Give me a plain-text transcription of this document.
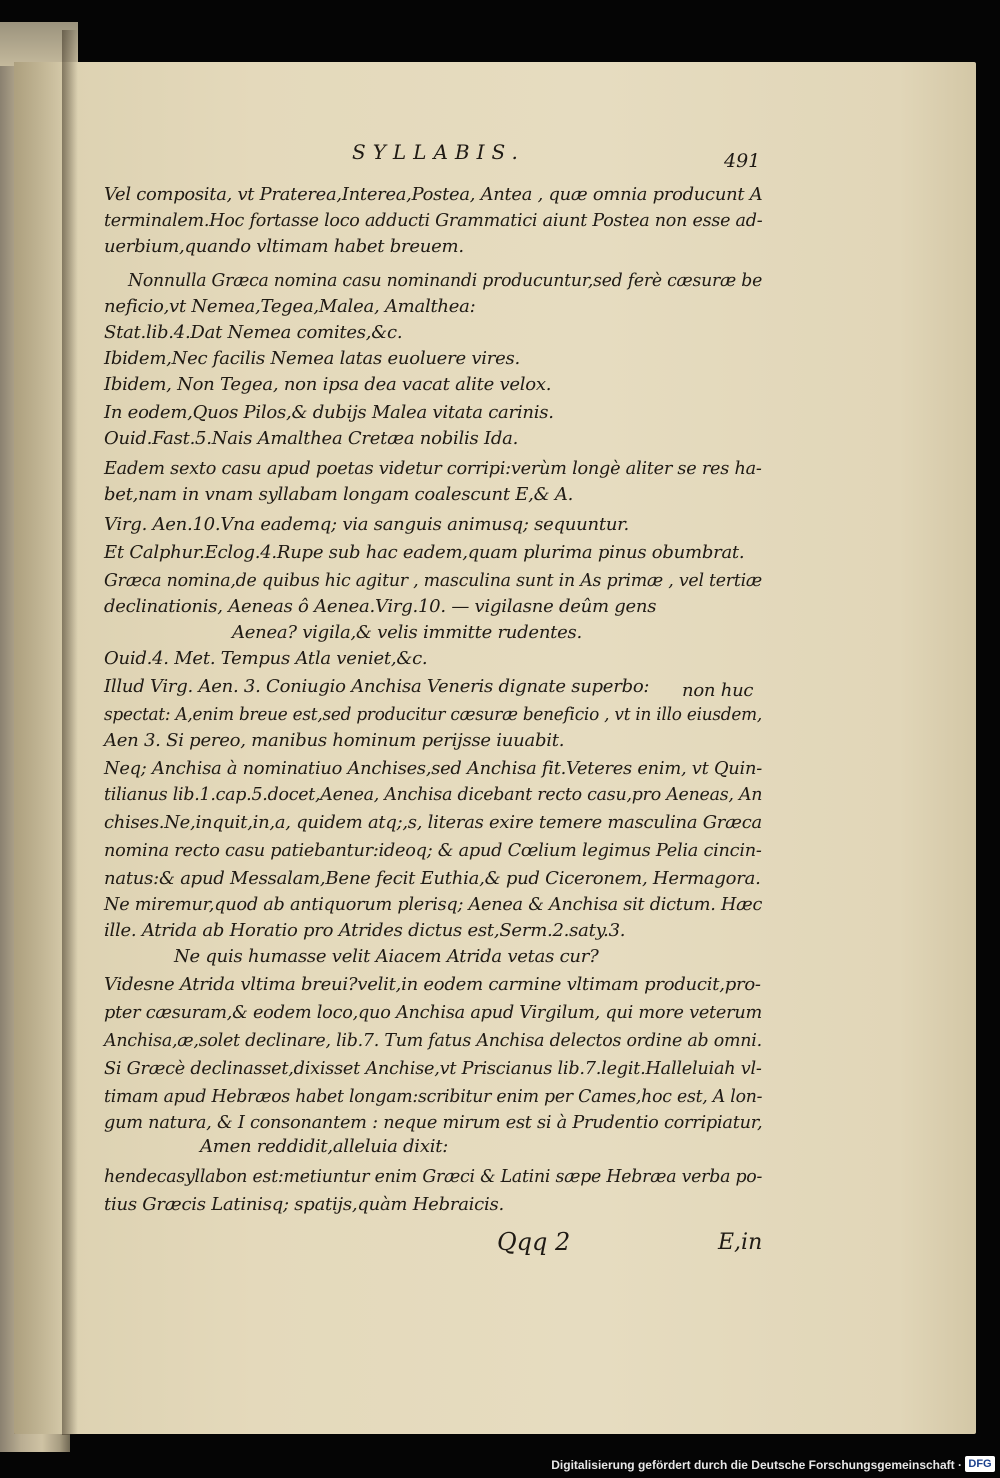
SYLLABIS.	491
Vel composita, vt Praterea,Interea,Postea, Antea , quæ omnia producunt A
terminalem.Hoc fortasse loco adducti Grammatici aiunt Postea non esse ad-
uerbium,quando vltimam habet breuem.
Nonnulla Græca nomina casu nominandi producuntur,sed ferè cæsuræ be
neficio,vt Nemea,Tegea,Malea, Amalthea:
Stat.lib.4.Dat Nemea comites,&c.
Ibidem,Nec facilis Nemea latas euoluere vires.
Ibidem, Non Tegea, non ipsa dea vacat alite velox.
In eodem,Quos Pilos,& dubijs Malea vitata carinis.
Ouid.Fast.5.Nais Amalthea Cretæa nobilis Ida.
Eadem sexto casu apud poetas videtur corripi:verùm longè aliter se res ha-
bet,nam in vnam syllabam longam coalescunt E,& A.
Virg. Aen.10.Vna eademq; via sanguis animusq; sequuntur.
Et Calphur.Eclog.4.Rupe sub hac eadem,quam plurima pinus obumbrat.
Græca nomina,de quibus hic agitur , masculina sunt in As primæ , vel tertiæ
declinationis, Aeneas ô Aenea.Virg.10. — vigilasne deûm gens
Aenea? vigila,& velis immitte rudentes.
Ouid.4. Met. Tempus Atla veniet,&c.
Illud Virg. Aen. 3. Coniugio Anchisa Veneris dignate superbo: non huc
spectat: A,enim breue est,sed producitur cæsuræ beneficio , vt in illo eiusdem,
Aen 3. Si pereo, manibus hominum perijsse iuuabit.
Neq; Anchisa à nominatiuo Anchises,sed Anchisa fit.Veteres enim, vt Quin-
tilianus lib.1.cap.5.docet,Aenea, Anchisa dicebant recto casu,pro Aeneas, An
chises.Ne,inquit,in,a, quidem atq;,s, literas exire temere masculina Græca
nomina recto casu patiebantur:ideoq; & apud Cœlium legimus Pelia cincin-
natus:& apud Messalam,Bene fecit Euthia,& pud Ciceronem, Hermagora.
Ne miremur,quod ab antiquorum plerisq; Aenea & Anchisa sit dictum. Hæc
ille. Atrida ab Horatio pro Atrides dictus est,Serm.2.saty.3.
Ne quis humasse velit Aiacem Atrida vetas cur?
Videsne Atrida vltima breui?velit,in eodem carmine vltimam producit,pro-
pter cæsuram,& eodem loco,quo Anchisa apud Virgilum, qui more veterum
Anchisa,æ,solet declinare, lib.7. Tum fatus Anchisa delectos ordine ab omni.
Si Græcè declinasset,dixisset Anchise,vt Priscianus lib.7.legit.Halleluiah vl-
timam apud Hebræos habet longam:scribitur enim per Cames,hoc est, A lon-
gum natura, & I consonantem : neque mirum est si à Prudentio corripiatur,
Amen reddidit,alleluia dixit:
hendecasyllabon est:metiuntur enim Græci & Latini sæpe Hebræa verba po-
tius Græcis Latinisq; spatijs,quàm Hebraicis.
Qqq 2	E,in
Digitalisierung gefördert durch die Deutsche Forschungsgemeinschaft · DFG
